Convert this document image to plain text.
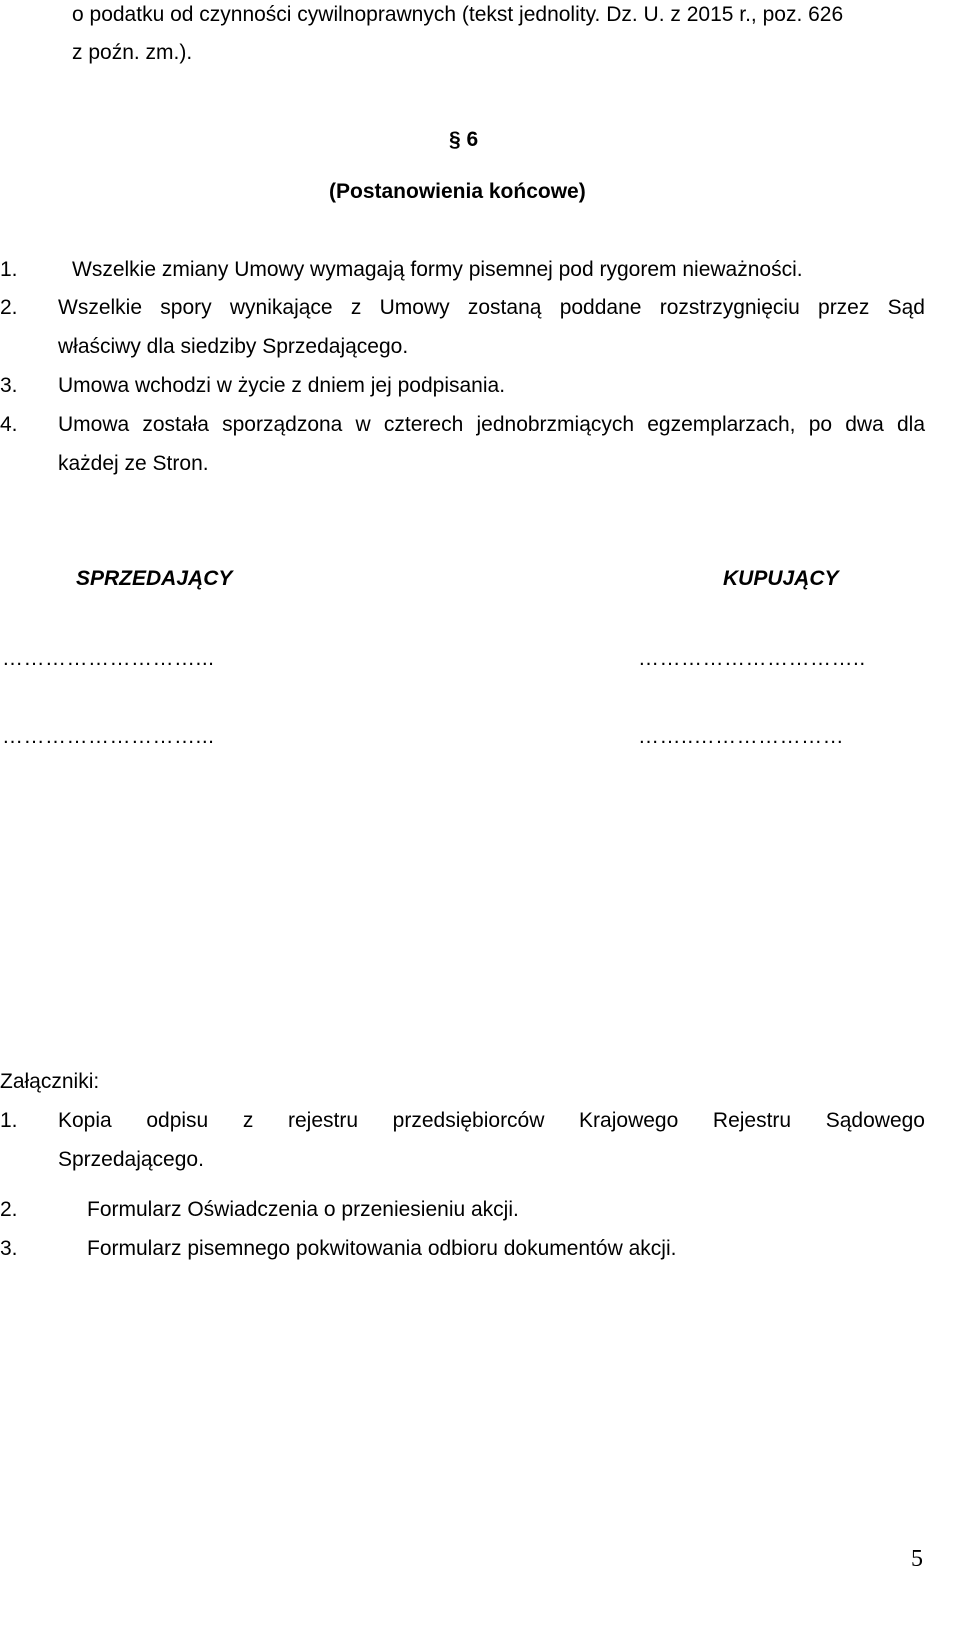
o podatku od czynności cywilnoprawnych (tekst jednolity. Dz. U. z 2015 r., poz. 626
z poźn. zm.).
§ 6
(Postanowienia końcowe)
1.	Wszelkie zmiany Umowy wymagają formy pisemnej pod rygorem nieważności.
2. Wszelkie spory wynikające z Umowy zostaną poddane rozstrzygnięciu przez Sąd
właściwy dla siedziby Sprzedającego.
3. Umowa wchodzi w życie z dniem jej podpisania.
4. Umowa została sporządzona w czterech jednobrzmiących egzemplarzach, po dwa dla
każdej ze Stron.
SPRZEDAJĄCY	KUPUJĄCY
………………………...	…………………………..
………………………...	……..…………………
Załączniki:
1. Kopia odpisu z rejestru przedsiębiorców Krajowego Rejestru Sądowego
Sprzedającego.
2.	Formularz Oświadczenia o przeniesieniu akcji.
3.	Formularz pisemnego pokwitowania odbioru dokumentów akcji.
5
